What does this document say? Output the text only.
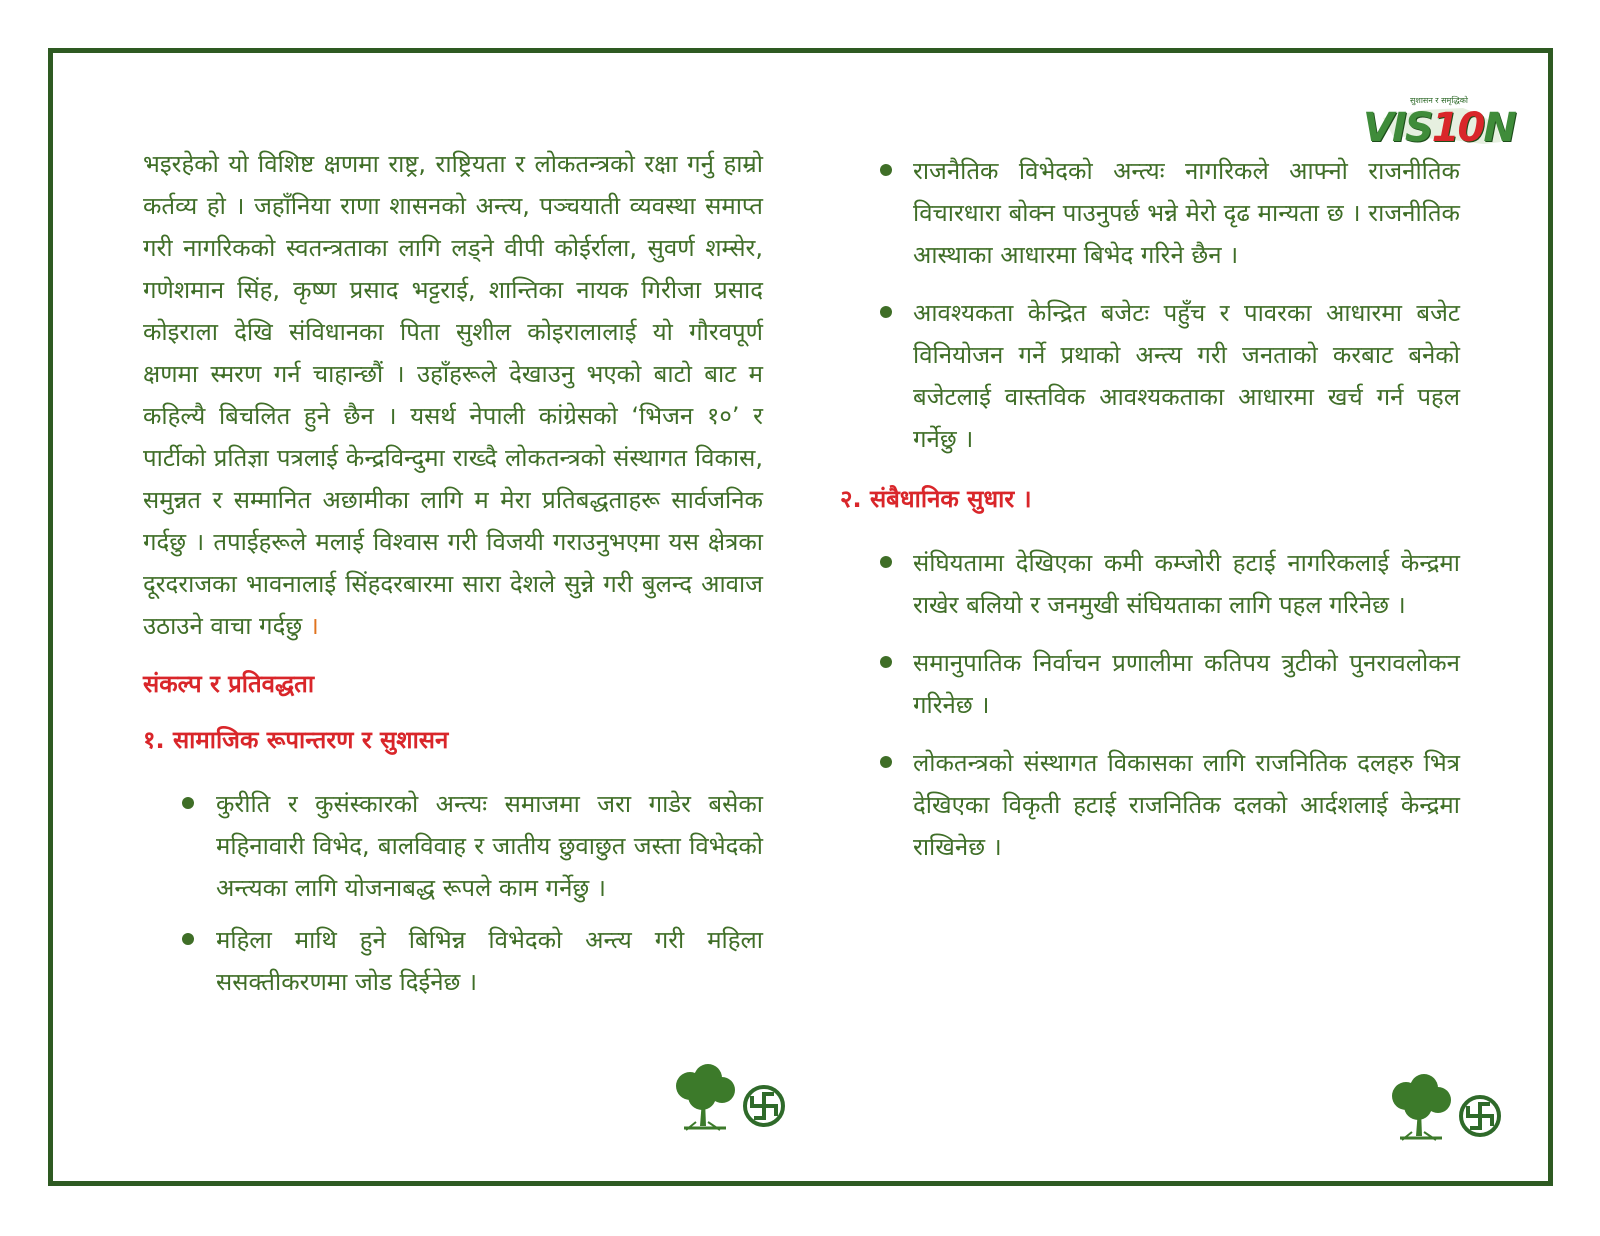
सुशासन र समृद्धिको
VIS10N

भइरहेको यो विशिष्ट क्षणमा राष्ट्र, राष्ट्रियता र लोकतन्त्रको रक्षा गर्नु हाम्रो कर्तव्य हो । जहाँनिया राणा शासनको अन्त्य, पञ्चयाती व्यवस्था समाप्त गरी नागरिकको स्वतन्त्रताका लागि लड्ने वीपी कोईर्राला, सुवर्ण शम्सेर, गणेशमान सिंह, कृष्ण प्रसाद भट्टराई, शान्तिका नायक गिरीजा प्रसाद कोइराला देखि संविधानका पिता सुशील कोइरालालाई यो गौरवपूर्ण क्षणमा स्मरण गर्न चाहान्छौं । उहाँहरूले देखाउनु भएको बाटो बाट म कहिल्यै बिचलित हुने छैन । यसर्थ नेपाली कांग्रेसको ‘भिजन १०’ र पार्टीको प्रतिज्ञा पत्रलाई केन्द्रविन्दुमा राख्दै लोकतन्त्रको संस्थागत विकास, समुन्नत र सम्मानित अछामीका लागि म मेरा प्रतिबद्धताहरू सार्वजनिक गर्दछु । तपाईहरूले मलाई विश्वास गरी विजयी गराउनुभएमा यस क्षेत्रका दूरदराजका भावनालाई सिंहदरबारमा सारा देशले सुन्ने गरी बुलन्द आवाज उठाउने वाचा गर्दछु ।

संकल्प र प्रतिवद्धता
१. सामाजिक रूपान्तरण र सुशासन
कुरीति र कुसंस्कारको अन्त्यः समाजमा जरा गाडेर बसेका महिनावारी विभेद, बालविवाह र जातीय छुवाछुत जस्ता विभेदको अन्त्यका लागि योजनाबद्ध रूपले काम गर्नेछु ।
महिला माथि हुने बिभिन्न विभेदको अन्त्य गरी महिला ससक्तीकरणमा जोड दिईनेछ ।
राजनैतिक विभेदको अन्त्यः नागरिकले आफ्नो राजनीतिक विचारधारा बोक्न पाउनुपर्छ भन्ने मेरो दृढ मान्यता छ । राजनीतिक आस्थाका आधारमा बिभेद गरिने छैन ।
आवश्यकता केन्द्रित बजेटः पहुँच र पावरका आधारमा बजेट विनियोजन गर्ने प्रथाको अन्त्य गरी जनताको करबाट बनेको बजेटलाई वास्तविक आवश्यकताका आधारमा खर्च गर्न पहल गर्नेछु ।
२. संबैधानिक सुधार ।
संघियतामा देखिएका कमी कम्जोरी हटाई नागरिकलाई केन्द्रमा राखेर बलियो र जनमुखी संघियताका लागि पहल गरिनेछ ।
समानुपातिक निर्वाचन प्रणालीमा कतिपय त्रुटीको पुनरावलोकन गरिनेछ ।
लोकतन्त्रको संस्थागत विकासका लागि राजनितिक दलहरु भित्र देखिएका विकृती हटाई राजनितिक दलको आर्दशलाई केन्द्रमा राखिनेछ ।
